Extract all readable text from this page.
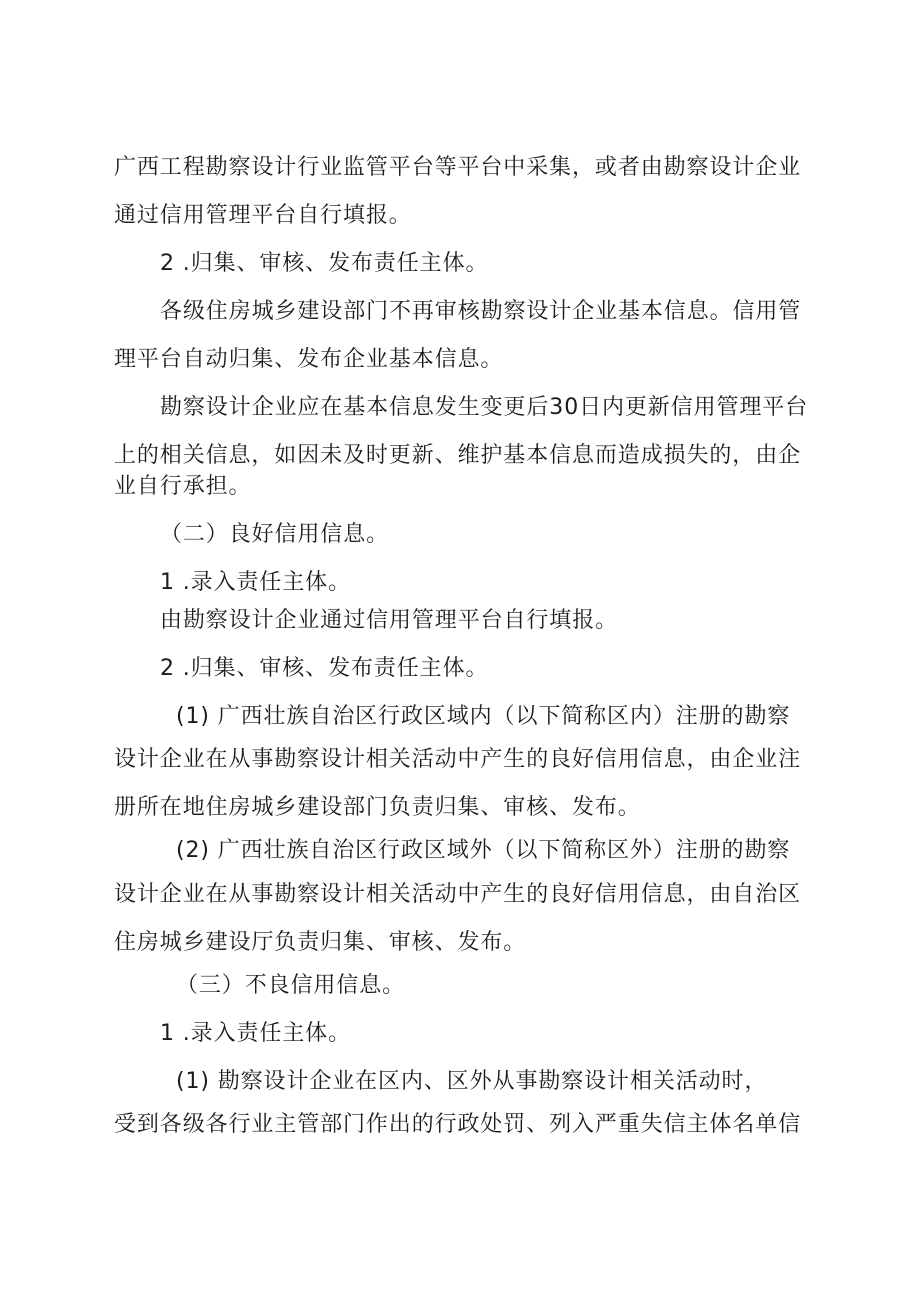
广西工程勘察设计行业监管平台等平台中采集，或者由勘察设计企业
通过信用管理平台自行填报。
2 .归集、审核、发布责任主体。
各级住房城乡建设部门不再审核勘察设计企业基本信息。信用管
理平台自动归集、发布企业基本信息。
勘察设计企业应在基本信息发生变更后30日内更新信用管理平台
上的相关信息，如因未及时更新、维护基本信息而造成损失的，由企
业自行承担。
（二）良好信用信息。
1 .录入责任主体。
由勘察设计企业通过信用管理平台自行填报。
2 .归集、审核、发布责任主体。
(1) 广西壮族自治区行政区域内（以下简称区内）注册的勘察
设计企业在从事勘察设计相关活动中产生的良好信用信息，由企业注
册所在地住房城乡建设部门负责归集、审核、发布。
(2) 广西壮族自治区行政区域外（以下简称区外）注册的勘察
设计企业在从事勘察设计相关活动中产生的良好信用信息，由自治区
住房城乡建设厅负责归集、审核、发布。
（三）不良信用信息。
1 .录入责任主体。
(1) 勘察设计企业在区内、区外从事勘察设计相关活动时，
受到各级各行业主管部门作出的行政处罚、列入严重失信主体名单信
